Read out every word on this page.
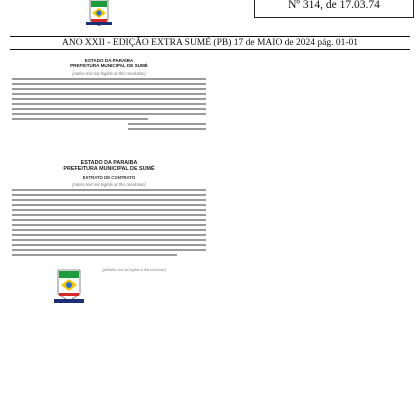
Nº 314, de 17.03.74
ANO XXII - EDIÇÃO EXTRA SUMÉ (PB) 17 de MAIO de 2024 pág. 01-01
ESTADO DA PARAÍBA
PREFEITURA MUNICIPAL DE SUMÉ
[notice text not legible at this resolution]
ESTADO DA PARAÍBA
PREFEITURA MUNICIPAL DE SUMÉ
EXTRATO DE CONTRATO
[notice text not legible at this resolution]
[publisher text not legible at this resolution]
